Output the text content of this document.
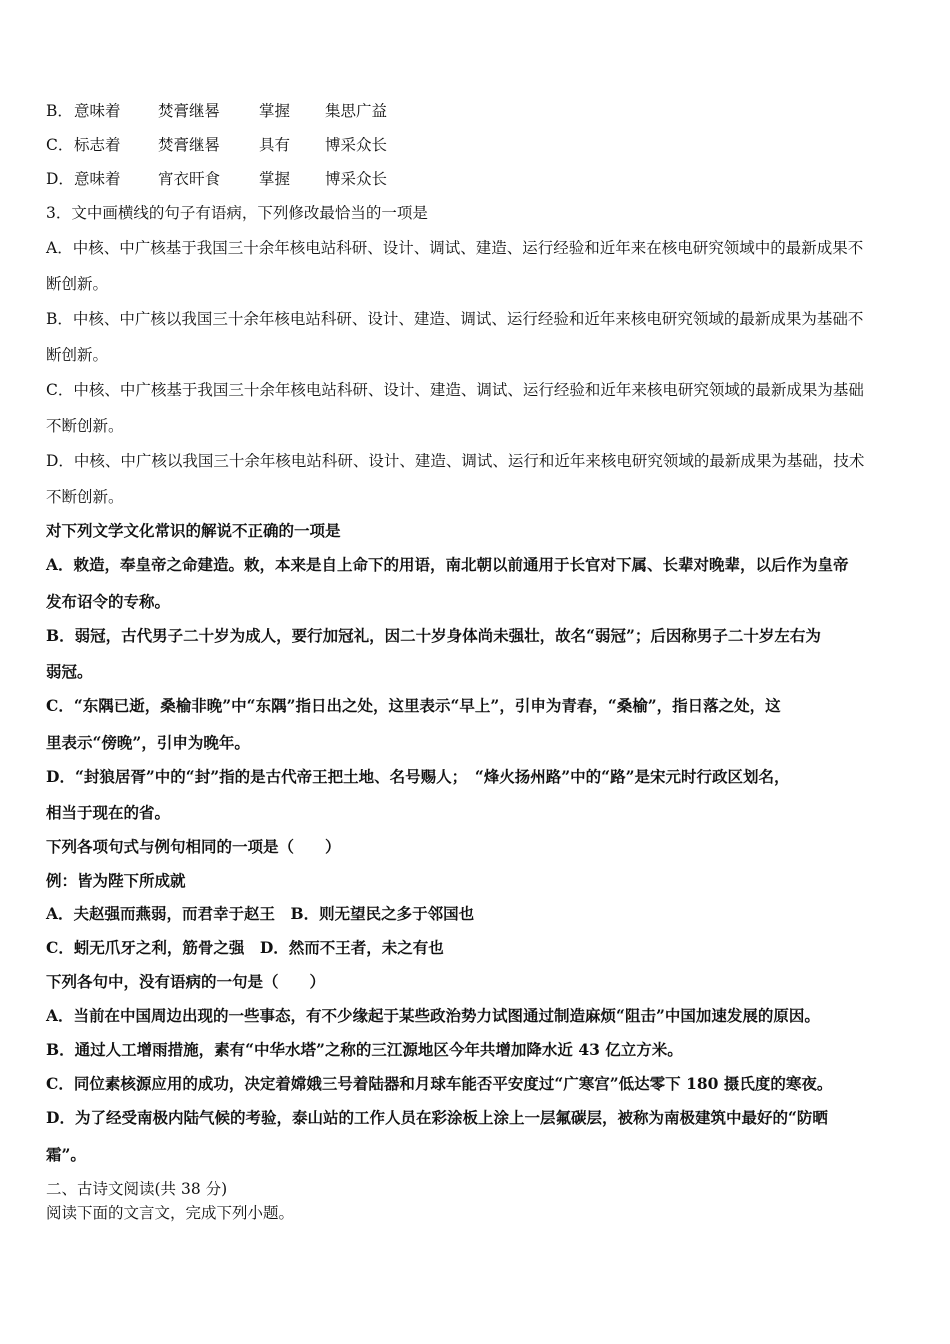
B．意味着 焚膏继晷	掌握 集思广益
C．标志着 焚膏继晷	具有 博采众长
D．意味着 宵衣旰食	掌握 博采众长
3．文中画横线的句子有语病，下列修改最恰当的一项是
A．中核、中广核基于我国三十余年核电站科研、设计、调试、建造、运行经验和近年来在核电研究领域中的最新成果不
断创新。
B．中核、中广核以我国三十余年核电站科研、设计、建造、调试、运行经验和近年来核电研究领域的最新成果为基础不
断创新。
C．中核、中广核基于我国三十余年核电站科研、设计、建造、调试、运行经验和近年来核电研究领域的最新成果为基础
不断创新。
D．中核、中广核以我国三十余年核电站科研、设计、建造、调试、运行和近年来核电研究领域的最新成果为基础，技术
不断创新。
对下列文学文化常识的解说不正确的一项是
A．敕造，奉皇帝之命建造。敕，本来是自上命下的用语，南北朝以前通用于长官对下属、长辈对晚辈，以后作为皇帝
发布诏令的专称。
B．弱冠，古代男子二十岁为成人，要行加冠礼，因二十岁身体尚未强壮，故名“弱冠”；后因称男子二十岁左右为
弱冠。
C．“东隅已逝，桑榆非晚”中“东隅”指日出之处，这里表示“早上”，引申为青春，“桑榆”，指日落之处，这
里表示“傍晚”，引申为晚年。
D．“封狼居胥”中的“封”指的是古代帝王把土地、名号赐人；　“烽火扬州路”中的“路”是宋元时行政区划名，
相当于现在的省。
下列各项句式与例句相同的一项是（　　）
例：皆为陛下所成就
A．夫赵强而燕弱，而君幸于赵王　B．则无望民之多于邻国也
C．蚓无爪牙之利，筋骨之强　D．然而不王者，未之有也
下列各句中，没有语病的一句是（　　）
A．当前在中国周边出现的一些事态，有不少缘起于某些政治势力试图通过制造麻烦“阻击”中国加速发展的原因。
B．通过人工增雨措施，素有“中华水塔”之称的三江源地区今年共增加降水近 43 亿立方米。
C．同位素核源应用的成功，决定着嫦娥三号着陆器和月球车能否平安度过“广寒宫”低达零下 180 摄氏度的寒夜。
D．为了经受南极内陆气候的考验，泰山站的工作人员在彩涂板上涂上一层氟碳层，被称为南极建筑中最好的“防晒
霜”。
二、古诗文阅读(共 38 分)
阅读下面的文言文，完成下列小题。
